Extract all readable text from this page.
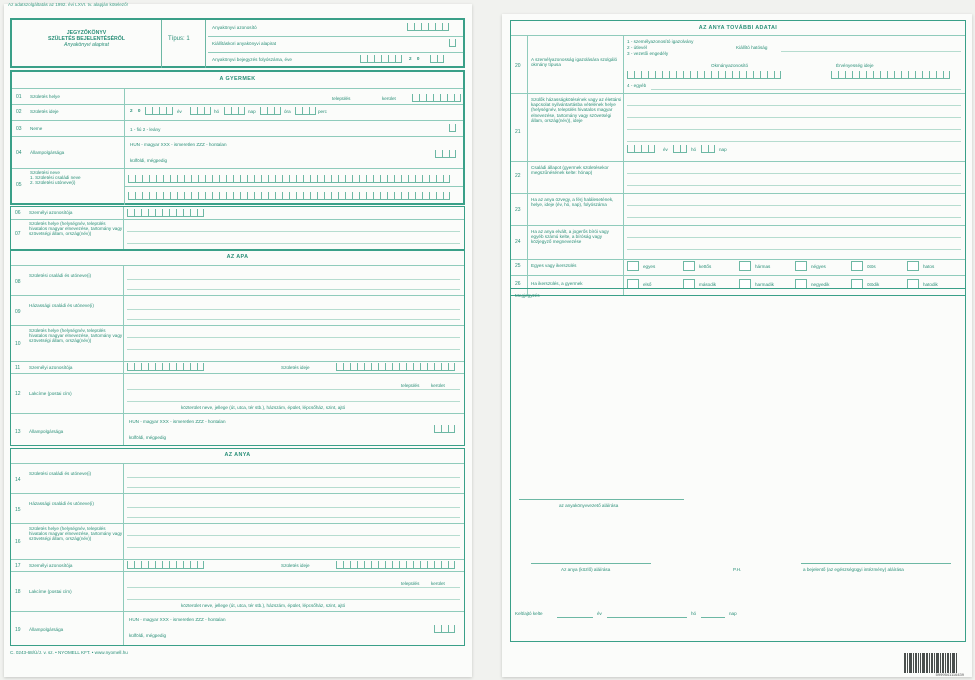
Az adatszolgáltatás az 1992. évi LXVI. tv. alapján kötelező!
JEGYZŐKÖNYV
SZÜLETÉS BEJELENTÉSÉRŐL
Anyakönyvi alapirat
Típus: 1
Anyakönyvi azonosító
Kiállításkori anyakönyvi alapirat
Anyakönyvi bejegyzés folyószáma, éve	2 0
A GYERMEK
01 Születés helye	település	kerület
02 Születés ideje	2 0	év	hó	nap	óra	perc
03 Neme	1 - fiú 2 - leány
04 Állampolgársága
HUN - magyar XXX - ismeretlen ZZZ - hontalan
külföldi, mégpedig
05
Születési neve
1. Születési családi neve
2. Születési utóneve(i)
06 Személyi azonosítója
07
Születés helye (helységnév, település hivatalos magyar elnevezése, tartomány vagy szövetségi állam, ország(név))
AZ APA
08
Születési családi és utóneve(i)
09
Házassági családi és utóneve(i)
10
Születés helye (helységnév, település hivatalos magyar elnevezése, tartomány vagy szövetségi állam, ország(név))
11 Személyi azonosítója	Születés ideje
12 Lakcíme (postai cím)
település	kerület
közterület neve, jellege (út, utca, tér stb.), házszám, épület, lépcsőház, szint, ajtó
13 Állampolgársága
HUN - magyar XXX - ismeretlen ZZZ - hontalan
külföldi, mégpedig
AZ ANYA
14
Születési családi és utóneve(i)
15
Házassági családi és utóneve(i)
16
Születés helye (helységnév, település hivatalos magyar elnevezése, tartomány vagy szövetségi állam, ország(név))
17 Személyi azonosítója	Születés ideje
18 Lakcíme (postai cím)
település	kerület
közterület neve, jellege (út, utca, tér stb.), házszám, épület, lépcsőház, szint, ajtó
19 Állampolgársága
HUN - magyar XXX - ismeretlen ZZZ - hontalan
külföldi, mégpedig
C. 0243-68/Ú/J. v. sz. • NYOMELL KFT. • www.nyomell.hu
AZ ANYA TOVÁBBI ADATAI
20
A személyazonosság igazolására szolgáló okmány típusa
1 - személyazonosító igazolvány
2 - útlevél
3 - vezetői engedély
4 - egyéb
Kiállító hatóság
Okmányazonosító	Érvényesség ideje
21
Szülők házasságkötésének vagy az élettársi kapcsolat nyilvántartásba vételének helye (helységnév, település hivatalos magyar elnevezése, tartomány vagy szövetségi állam, ország(név)), ideje
év	hó	nap
22
Családi állapot (gyermek születésekor megszűnésének kelte: hónap)
23
Ha az anya özvegy, a férj halálesetének, helye, ideje (év, hó, nap), folyószáma
24
Ha az anya elvált, a jogerős bírói vagy egyéb számú kelte, a bíróság vagy közjegyző megnevezése
25 Egyes vagy ikerszülés	egyes	kettős	hármas	négyes	ötös	hatos
26 Ha ikerszülés, a gyermek	első	második	harmadik	negyedik	ötödik	hatodik
Megjegyzés
az anyakönyvvezető aláírása
Az anya (közlő) aláírása	P.H.	a bejelentő (az egészségügyi intézmény) aláírása
Kelt/ajtó kelte	év	hó	nap
5999541116439
